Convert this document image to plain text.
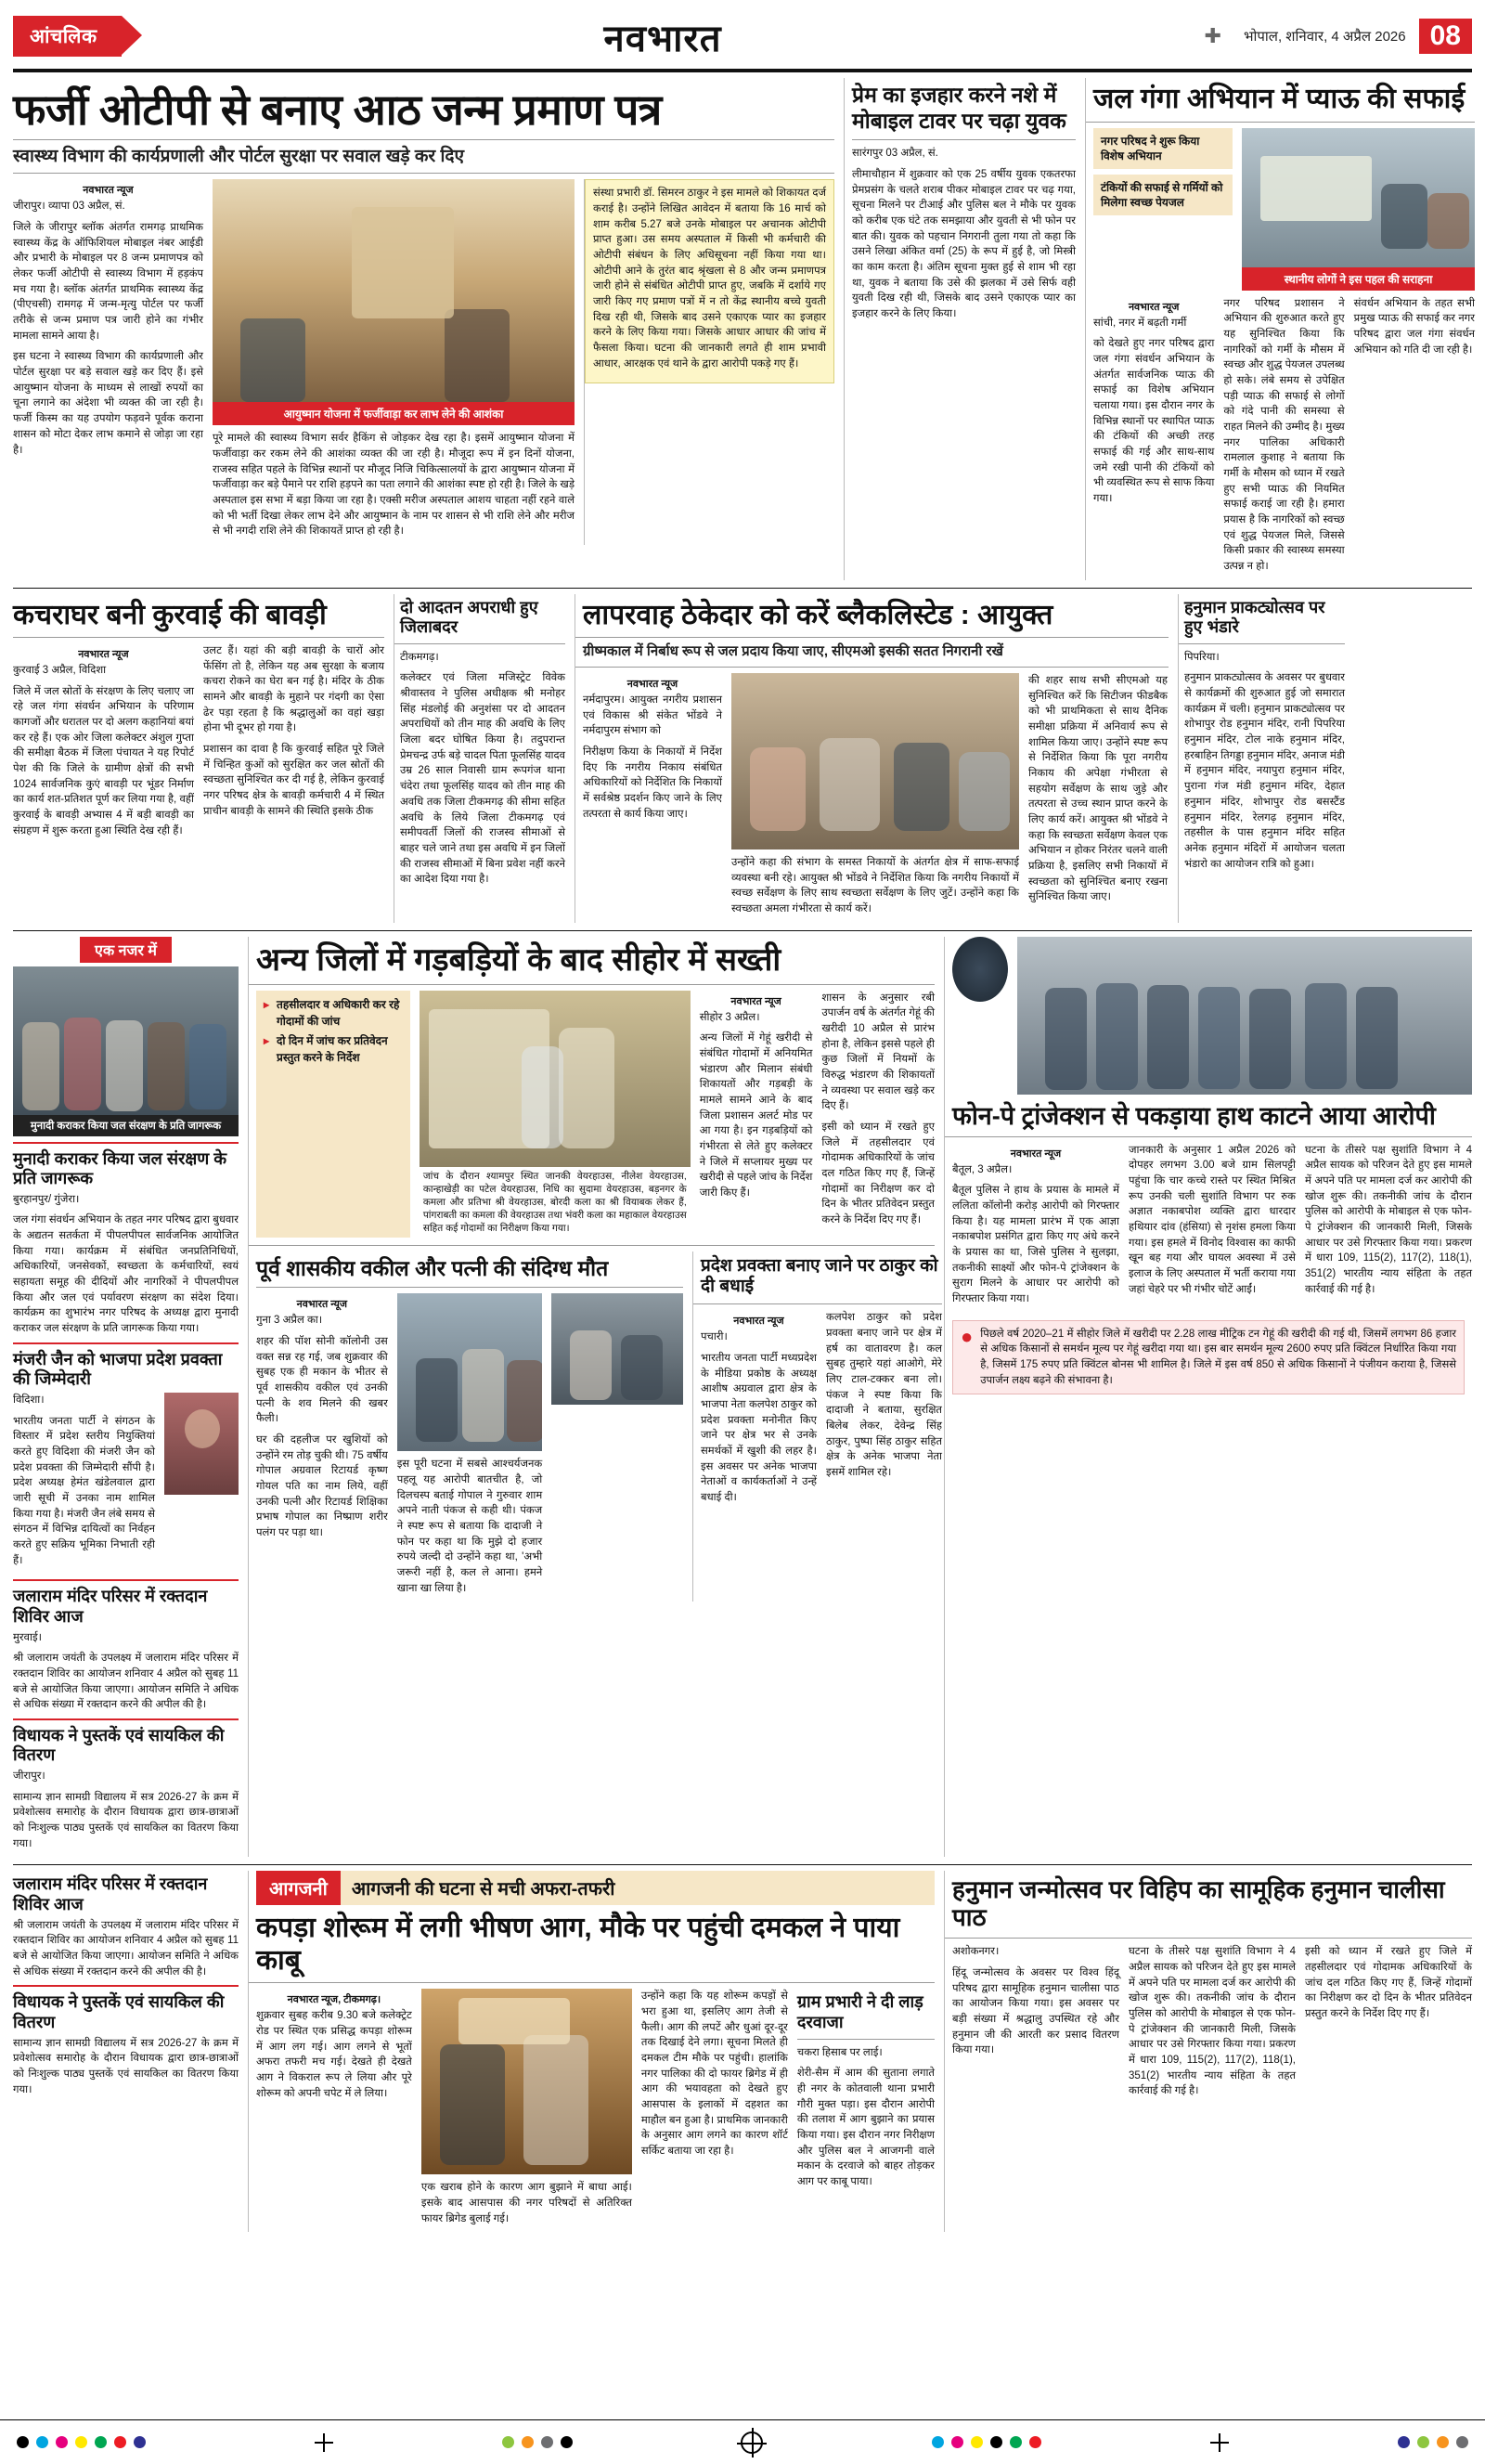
आंचलिक	नवभारत	✚ भोपाल, शनिवार, 4 अप्रैल 2026 08
फर्जी ओटीपी से बनाए आठ जन्म प्रमाण पत्र
स्वास्थ्य विभाग की कार्यप्रणाली और पोर्टल सुरक्षा पर सवाल खड़े कर दिए
नवभारत न्यूज

जीरापुर। व्यापा 03 अप्रैल, सं.

जिले के जीरापुर ब्लॉक अंतर्गत रामगढ़ प्राथमिक स्वास्थ्य केंद्र के ऑफिशियल मोबाइल नंबर आईडी और प्रभारी के मोबाइल पर 8 जन्म प्रमाणपत्र को लेकर फर्जी ओटीपी से स्वास्थ्य विभाग में हड़कंप मच गया है। ब्लॉक अंतर्गत प्राथमिक स्वास्थ्य केंद्र (पीएचसी) रामगढ़ में जन्म-मृत्यु पोर्टल पर फर्जी तरीके से जन्म प्रमाण पत्र जारी होने का गंभीर मामला सामने आया है।

इस घटना ने स्वास्थ्य विभाग की कार्यप्रणाली और पोर्टल सुरक्षा पर बड़े सवाल खड़े कर दिए हैं। इसे आयुष्मान योजना के माध्यम से लाखों रुपयों का चूना लगाने का अंदेशा भी व्यक्त की जा रही है। फर्जी किस्म का यह उपयोग फड़वने पूर्वक कराना शासन को मोटा देकर लाभ कमाने से जोड़ा जा रहा है।

आयुष्मान योजना में फर्जीवाड़ा कर लाभ लेने की आशंका

पूरे मामले की स्वास्थ्य विभाग सर्वर हैकिंग से जोड़कर देख रहा है। इसमें आयुष्मान योजना में फर्जीवाड़ा कर रकम लेने की आशंका व्यक्त की जा रही है। मौजूदा रूप में इन दिनों योजना, राजस्व सहित पहले के विभिन्न स्थानों पर मौजूद निजि चिकित्सालयों के द्वारा आयुष्मान योजना में फर्जीवाड़ा कर बड़े पैमाने पर राशि हड़पने का पता लगाने की आशंका स्पष्ट हो रही है। जिले के खड़े अस्पताल इस सभा में बड़ा किया जा रहा है। एक्सी मरीज अस्पताल आशय चाहता नहीं रहने वाले को भी भर्ती दिखा लेकर लाभ देने और आयुष्मान के नाम पर शासन से भी राशि लेने और मरीज से भी नगदी राशि लेने की शिकायतें प्राप्त हो रही है।

संस्था प्रभारी डॉ. सिमरन ठाकुर ने इस मामले को शिकायत दर्ज कराई है। उन्होंने लिखित आवेदन में बताया कि 16 मार्च को शाम करीब 5.27 बजे उनके मोबाइल पर अचानक ओटीपी प्राप्त हुआ। उस समय अस्पताल में किसी भी कर्मचारी की ओटीपी संबंधन के लिए अधिसूचना नहीं किया गया था। ओटीपी आने के तुरंत बाद श्रृंखला से 8 और जन्म प्रमाणपत्र जारी होने से संबंधित ओटीपी प्राप्त हुए, जबकि में दर्शाये गए जारी किए गए प्रमाण पत्रों में न तो केंद्र स्थानीय बच्चे युवती दिख रही थी, जिसके बाद उसने एकाएक प्यार का इजहार करने के लिए किया गया। जिसके आधार आधार की जांच में फैसला किया। घटना की जानकारी लगते ही शाम प्रभावी आधार, आरक्षक एवं थाने के द्वारा आरोपी पकड़े गए हैं।

प्रेम का इजहार करने नशे में मोबाइल टावर पर चढ़ा युवक

सारंगपुर 03 अप्रैल, सं.

लीमाचौहान में शुक्रवार को एक 25 वर्षीय युवक एकतरफा प्रेमप्रसंग के चलते शराब पीकर मोबाइल टावर पर चढ़ गया, सूचना मिलने पर टीआई और पुलिस बल ने मौके पर युवक को करीब एक घंटे तक समझाया और युवती से भी फोन पर बात की। युवक को पहचान निगरानी तुला गया तो कहा कि उसने लिखा अंकित वर्मा (25) के रूप में हुई है, जो मिस्त्री का काम करता है। अंतिम सूचना मुक्त हुई से शाम भी रहा था, युवक ने बताया कि उसे की झलका में उसे सिर्फ वही युवती दिख रही थी, जिसके बाद उसने एकाएक प्यार का इजहार करने के लिए किया।

जल गंगा अभियान में प्याऊ की सफाई
नगर परिषद ने शुरू किया विशेष अभियान
टंकियों की सफाई से गर्मियों को मिलेगा स्वच्छ पेयजल
स्थानीय लोगों ने इस पहल की सराहना
नवभारत न्यूज

सांची, नगर में बढ़ती गर्मी

को देखते हुए नगर परिषद द्वारा जल गंगा संवर्धन अभियान के अंतर्गत सार्वजनिक प्याऊ की सफाई का विशेष अभियान चलाया गया। इस दौरान नगर के विभिन्न स्थानों पर स्थापित प्याऊ की टंकियों की अच्छी तरह सफाई की गई और साथ-साथ जमे रखी पानी की टंकियों को भी व्यवस्थित रूप से साफ किया गया।

नगर परिषद प्रशासन ने अभियान की शुरुआत करते हुए यह सुनिश्चित किया कि नागरिकों को गर्मी के मौसम में स्वच्छ और शुद्ध पेयजल उपलब्ध हो सके। लंबे समय से उपेक्षित पड़ी प्याऊ की सफाई से लोगों को गंदे पानी की समस्या से राहत मिलने की उम्मीद है। मुख्य नगर पालिका अधिकारी रामलाल कुशाह ने बताया कि गर्मी के मौसम को ध्यान में रखते हुए सभी प्याऊ की नियमित सफाई कराई जा रही है। हमारा प्रयास है कि नागरिकों को स्वच्छ एवं शुद्ध पेयजल मिले, जिससे किसी प्रकार की स्वास्थ्य समस्या उत्पन्न न हो।

संवर्धन अभियान के तहत सभी प्रमुख प्याऊ की सफाई कर नगर परिषद द्वारा जल गंगा संवर्धन अभियान को गति दी जा रही है।

कचराघर बनी कुरवाई की बावड़ी
नवभारत न्यूज

कुरवाई 3 अप्रैल, विदिशा

जिले में जल स्रोतों के संरक्षण के लिए चलाए जा रहे जल गंगा संवर्धन अभियान के परिणाम कागजों और धरातल पर दो अलग कहानियां बयां कर रहे हैं। एक ओर जिला कलेक्टर अंशुल गुप्ता की समीक्षा बैठक में जिला पंचायत ने यह रिपोर्ट पेश की कि जिले के ग्रामीण क्षेत्रों की सभी 1024 सार्वजनिक कुएं बावड़ी पर भूंडर निर्माण का कार्य शत-प्रतिशत पूर्ण कर लिया गया है, वहीं कुरवाई के बावड़ी अभ्यास 4 में बड़ी बावड़ी का संग्रहण में शुरू करता हुआ स्थिति देख रही हैं।

उलट हैं। यहां की बड़ी बावड़ी के चारों ओर फेंसिंग तो है, लेकिन यह अब सुरक्षा के बजाय कचरा रोकने का घेरा बन गई है। मंदिर के ठीक सामने और बावड़ी के मुहाने पर गंदगी का ऐसा ढेर पड़ा रहता है कि श्रद्धालुओं का वहां खड़ा होना भी दूभर हो गया है।

प्रशासन का दावा है कि कुरवाई सहित पूरे जिले में चिन्हित कुओं को सुरक्षित कर जल स्रोतों की स्वच्छता सुनिश्चित कर दी गई है, लेकिन कुरवाई नगर परिषद क्षेत्र के बावड़ी कर्मचारी 4 में स्थित प्राचीन बावड़ी के सामने की स्थिति इसके ठीक

दो आदतन अपराधी हुए जिलाबदर

टीकमगढ़।

कलेक्टर एवं जिला मजिस्ट्रेट विवेक श्रीवास्तव ने पुलिस अधीक्षक श्री मनोहर सिंह मंडलोई की अनुशंसा पर दो आदतन अपराधियों को तीन माह की अवधि के लिए जिला बदर घोषित किया है। तदुपरान्त प्रेमचन्द्र उर्फ बड़े चादल पिता फूलसिंह यादव उम्र 26 साल निवासी ग्राम रूपगंज थाना चंदेरा तथा फूलसिंह यादव को तीन माह की अवधि तक जिला टीकमगढ़ की सीमा सहित अवधि के लिये जिला टीकमगढ़ एवं समीपवर्ती जिलों की राजस्व सीमाओं से बाहर चले जाने तथा इस अवधि में इन जिलों की राजस्व सीमाओं में बिना प्रवेश नहीं करने का आदेश दिया गया है।

लापरवाह ठेकेदार को करें ब्लैकलिस्टेड : आयुक्त
ग्रीष्मकाल में निर्बाध रूप से जल प्रदाय किया जाए, सीएमओ इसकी सतत निगरानी रखें
नवभारत न्यूज

नर्मदापुरम। आयुक्त नगरीय प्रशासन एवं विकास श्री संकेत भोंडवे ने नर्मदापुरम संभाग को

निरीक्षण किया के निकायों में निर्देश दिए कि नगरीय निकाय संबंधित अधिकारियों को निर्देशित कि निकायों में सर्वश्रेष्ठ प्रदर्शन किए जाने के लिए तत्परता से कार्य किया जाए।

उन्होंने कहा की संभाग के समस्त निकायों के अंतर्गत क्षेत्र में साफ-सफाई व्यवस्था बनी रहे। आयुक्त श्री भोंडवे ने निर्देशित किया कि नगरीय निकायों में स्वच्छ सर्वेक्षण के लिए साथ स्वच्छता सर्वेक्षण के लिए जुटें। उन्होंने कहा कि स्वच्छता अमला गंभीरता से कार्य करें।

की शहर साथ सभी सीएमओ यह सुनिश्चित करें कि सिटीजन फीडबैक को भी प्राथमिकता से साथ दैनिक समीक्षा प्रक्रिया में अनिवार्य रूप से शामिल किया जाए। उन्होंने स्पष्ट रूप से निर्देशित किया कि पूरा नगरीय निकाय की अपेक्षा गंभीरता से सहयोग सर्वेक्षण के साथ जुड़े और तत्परता से उच्च स्थान प्राप्त करने के लिए कार्य करें। आयुक्त श्री भोंडवे ने कहा कि स्वच्छता सर्वेक्षण केवल एक अभियान न होकर निरंतर चलने वाली प्रक्रिया है, इसलिए सभी निकायों में स्वच्छता को सुनिश्चित बनाए रखना सुनिश्चित किया जाए।

हनुमान प्राकट्योत्सव पर हुए भंडारे

पिपरिया।

हनुमान प्राकट्योत्सव के अवसर पर बुधवार से कार्यक्रमों की शुरुआत हुई जो समारात कार्यक्रम में चली। हनुमान प्राकट्योत्सव पर शोभापुर रोड हनुमान मंदिर, रानी पिपरिया हनुमान मंदिर, टोल नाके हनुमान मंदिर, हरबाहिन तिगड्डा हनुमान मंदिर, अनाज मंडी में हनुमान मंदिर, नयापुरा हनुमान मंदिर, पुराना गंज मंडी हनुमान मंदिर, देहात हनुमान मंदिर, शोभापुर रोड बसस्टैंड हनुमान मंदिर, रेलगढ़ हनुमान मंदिर, तहसील के पास हनुमान मंदिर सहित अनेक हनुमान मंदिरों में आयोजन चलता भंडारो का आयोजन रात्रि को हुआ।

एक नजर में
मुनादी कराकर किया जल संरक्षण के प्रति जागरूक
मुनादी कराकर किया जल संरक्षण के प्रति जागरूक

बुरहानपुर/ गुंजेरा।

जल गंगा संवर्धन अभियान के तहत नगर परिषद द्वारा बुधवार के अद्यतन सतर्कता में पीपलपीपल सार्वजनिक आयोजित किया गया। कार्यक्रम में संबंधित जनप्रतिनिधियों, अधिकारियों, जनसेवकों, स्वच्छता के कर्मचारियों, स्वयं सहायता समूह की दीदियों और नागरिकों ने पीपलपीपल किया और जल एवं पर्यावरण संरक्षण का संदेश दिया। कार्यक्रम का शुभारंभ नगर परिषद के अध्यक्ष द्वारा मुनादी कराकर जल संरक्षण के प्रति जागरूक किया गया।

मंजरी जैन को भाजपा प्रदेश प्रवक्ता की जिम्मेदारी

विदिशा।

भारतीय जनता पार्टी ने संगठन के विस्तार में प्रदेश स्तरीय नियुक्तियां करते हुए विदिशा की मंजरी जैन को प्रदेश प्रवक्ता की जिम्मेदारी सौंपी है। प्रदेश अध्यक्ष हेमंत खंडेलवाल द्वारा जारी सूची में उनका नाम शामिल किया गया है। मंजरी जैन लंबे समय से संगठन में विभिन्न दायित्वों का निर्वहन करते हुए सक्रिय भूमिका निभाती रही हैं।

जलाराम मंदिर परिसर में रक्तदान शिविर आज

मुरवाई।

श्री जलाराम जयंती के उपलक्ष्य में जलाराम मंदिर परिसर में रक्तदान शिविर का आयोजन शनिवार 4 अप्रैल को सुबह 11 बजे से आयोजित किया जाएगा। आयोजन समिति ने अधिक से अधिक संख्या में रक्तदान करने की अपील की है।

विधायक ने पुस्तकें एवं सायकिल की वितरण

जीरापुर।

सामान्य ज्ञान सामग्री विद्यालय में सत्र 2026-27 के क्रम में प्रवेशोत्सव समारोह के दौरान विधायक द्वारा छात्र-छात्राओं को निःशुल्क पाठ्य पुस्तकें एवं सायकिल का वितरण किया गया।

अन्य जिलों में गड़बड़ियों के बाद सीहोर में सख्ती
▸ तहसीलदार व अधिकारी कर रहे गोदामों की जांच
▸ दो दिन में जांच कर प्रतिवेदन प्रस्तुत करने के निर्देश
जांच के दौरान श्यामपुर स्थित जानकी वेयरहाउस, नीलेश वेयरहाउस, कान्हाखेड़ी का पटेल वेयरहाउस, निधि का सुदामा वेयरहाउस, बड़नगर के कमला और प्रतिभा श्री वेयरहाउस, बोरदी कला का श्री वियाबक लेकर हैं, पांगराबती का कमला की वेयरहाउस तथा भंवरी कला का महाकाल वेयरहाउस सहित कई गोदामों का निरीक्षण किया गया।
नवभारत न्यूज

सीहोर 3 अप्रैल।

अन्य जिलों में गेहूं खरीदी से संबंधित गोदामों में अनियमित भंडारण और मिलान संबंधी शिकायतों और गड़बड़ी के मामले सामने आने के बाद जिला प्रशासन अलर्ट मोड पर आ गया है। इन गड़बड़ियों को गंभीरता से लेते हुए कलेक्टर ने जिले में सप्लायर मुख्य पर खरीदी से पहले जांच के निर्देश जारी किए हैं।

शासन के अनुसार रबी उपार्जन वर्ष के अंतर्गत गेहूं की खरीदी 10 अप्रैल से प्रारंभ होना है, लेकिन इससे पहले ही कुछ जिलों में नियमों के विरुद्ध भंडारण की शिकायतों ने व्यवस्था पर सवाल खड़े कर दिए हैं।

इसी को ध्यान में रखते हुए जिले में तहसीलदार एवं गोदामक अधिकारियों के जांच दल गठित किए गए हैं, जिन्हें गोदामों का निरीक्षण कर दो दिन के भीतर प्रतिवेदन प्रस्तुत करने के निर्देश दिए गए हैं।

पूर्व शासकीय वकील और पत्नी की संदिग्ध मौत
नवभारत न्यूज

गुना 3 अप्रैल का।

शहर की पॉश सोनी कॉलोनी उस वक्त सन्न रह गई, जब शुक्रवार की सुबह एक ही मकान के भीतर से पूर्व शासकीय वकील एवं उनकी पत्नी के शव मिलने की खबर फैली।

घर की दहलीज पर खुशियों को उन्होंने रम तोड़ चुकी थी। 75 वर्षीय गोपाल अग्रवाल रिटायर्ड कृष्ण गोयल पति का नाम लिये, वहीं उनकी पत्नी और रिटायर्ड शिक्षिका प्रभाष गोपाल का निष्प्राण शरीर पलंग पर पड़ा था।

इस पूरी घटना में सबसे आश्चर्यजनक पहलू यह आरोपी बातचीत है, जो दिलचस्प बताई गोपाल ने गुरुवार शाम अपने नाती पंकज से कही थी। पंकज ने स्पष्ट रूप से बताया कि दादाजी ने फोन पर कहा था कि मुझे दो हजार रुपये जल्दी दो उन्होंने कहा था, 'अभी जरूरी नहीं है, कल ले आना। हमने खाना खा लिया है।

प्रदेश प्रवक्ता बनाए जाने पर ठाकुर को दी बधाई
नवभारत न्यूज

पचारी।

भारतीय जनता पार्टी मध्यप्रदेश के मीडिया प्रकोष्ठ के अध्यक्ष आशीष अग्रवाल द्वारा क्षेत्र के भाजपा नेता कलपेश ठाकुर को प्रदेश प्रवक्ता मनोनीत किए जाने पर क्षेत्र भर से उनके समर्थकों में खुशी की लहर है। इस अवसर पर अनेक भाजपा नेताओं व कार्यकर्ताओं ने उन्हें बधाई दी।

कलपेश ठाकुर को प्रदेश प्रवक्ता बनाए जाने पर क्षेत्र में हर्ष का वातावरण है। कल सुबह तुम्हारे यहां आओगे, मेरे लिए टाल-टक्कर बना लो। पंकज ने स्पष्ट किया कि दादाजी ने बताया, सुरक्षित बिलेब लेकर, देवेन्द्र सिंह ठाकुर, पुष्पा सिंह ठाकुर सहित क्षेत्र के अनेक भाजपा नेता इसमें शामिल रहे।

फोन-पे ट्रांजेक्शन से पकड़ाया हाथ काटने आया आरोपी
नवभारत न्यूज

बैतूल, 3 अप्रैल।

बैतूल पुलिस ने हाथ के प्रयास के मामले में ललिता कॉलोनी करोड़ आरोपी को गिरफ्तार किया है। यह मामला प्रारंभ में एक आज्ञा नकाबपोश प्रसंगित द्वारा किए गए अंधे करने के प्रयास का था, जिसे पुलिस ने सुलझा, तकनीकी साक्ष्यों और फोन-पे ट्रांजेक्शन के सुराग मिलने के आधार पर आरोपी को गिरफ्तार किया गया।

जानकारी के अनुसार 1 अप्रैल 2026 को दोपहर लगभग 3.00 बजे ग्राम सिलपट्टी पहुंचा कि चार कच्चे रास्ते पर स्थित मिश्रित रूप उनकी चली सुशांति विभाग पर रुक अज्ञात नकाबपोश व्यक्ति द्वारा धारदार हथियार दांव (हंसिया) से नृशंस हमला किया गया। इस हमले में विनोद विश्वास का काफी खून बह गया और घायल अवस्था में उसे इलाज के लिए अस्पताल में भर्ती कराया गया जहां चेहरे पर भी गंभीर चोटें आईं।

घटना के तीसरे पक्ष सुशांति विभाग ने 4 अप्रैल सायक को परिजन देते हुए इस मामले में अपने पति पर मामला दर्ज कर आरोपी की खोज शुरू की। तकनीकी जांच के दौरान पुलिस को आरोपी के मोबाइल से एक फोन-पे ट्रांजेक्शन की जानकारी मिली, जिसके आधार पर उसे गिरफ्तार किया गया। प्रकरण में धारा 109, 115(2), 117(2), 118(1), 351(2) भारतीय न्याय संहिता के तहत कार्रवाई की गई है।

● पिछले वर्ष 2020–21 में सीहोर जिले में खरीदी पर 2.28 लाख मीट्रिक टन गेहूं की खरीदी की गई थी, जिसमें लगभग 86 हजार से अधिक किसानों से समर्थन मूल्य पर गेहूं खरीदा गया था। इस बार समर्थन मूल्य 2600 रुपए प्रति क्विंटल निर्धारित किया गया है, जिसमें 175 रुपए प्रति क्विंटल बोनस भी शामिल है। जिले में इस वर्ष 850 से अधिक किसानों ने पंजीयन कराया है, जिससे उपार्जन लक्ष्य बढ़ने की संभावना है।

जलाराम मंदिर परिसर में रक्तदान शिविर आज

श्री जलाराम जयंती के उपलक्ष्य में जलाराम मंदिर परिसर में रक्तदान शिविर का आयोजन शनिवार 4 अप्रैल को सुबह 11 बजे से आयोजित किया जाएगा। आयोजन समिति ने अधिक से अधिक संख्या में रक्तदान करने की अपील की है।

विधायक ने पुस्तकें एवं सायकिल की वितरण

सामान्य ज्ञान सामग्री विद्यालय में सत्र 2026-27 के क्रम में प्रवेशोत्सव समारोह के दौरान विधायक द्वारा छात्र-छात्राओं को निःशुल्क पाठ्य पुस्तकें एवं सायकिल का वितरण किया गया।

आगजनी	आगजनी की घटना से मची अफरा-तफरी
कपड़ा शोरूम में लगी भीषण आग, मौके पर पहुंची दमकल ने पाया काबू
नवभारत न्यूज, टीकमगढ़।

शुक्रवार सुबह करीब 9.30 बजे कलेक्ट्रेट रोड पर स्थित एक प्रसिद्ध कपड़ा शोरूम में आग लग गई। आग लगने से भूतों अफरा तफरी मच गई। देखते ही देखते आग ने विकराल रूप ले लिया और पूरे शोरूम को अपनी चपेट में ले लिया।

एक खराब होने के कारण आग बुझाने में बाधा आई। इसके बाद आसपास की नगर परिषदों से अतिरिक्त फायर ब्रिगेड बुलाई गई।

उन्होंने कहा कि यह शोरूम कपड़ों से भरा हुआ था, इसलिए आग तेजी से फैली। आग की लपटें और धुआं दूर-दूर तक दिखाई देने लगा। सूचना मिलते ही दमकल टीम मौके पर पहुंची। हालांकि नगर पालिका की दो फायर ब्रिगेड में ही आग की भयावहता को देखते हुए आसपास के इलाकों में दहशत का माहौल बन हुआ है। प्राथमिक जानकारी के अनुसार आग लगने का कारण शॉर्ट सर्किट बताया जा रहा है।

ग्राम प्रभारी ने दी लाड़ दरवाजा

चकरा हिसाब पर लाई।

शेरी-सैम में आम की सुताना लगाते ही नगर के कोतवाली थाना प्रभारी गौरी मुक्त पड़ा। इस दौरान आरोपी की तलाश में आग बुझाने का प्रयास किया गया। इस दौरान नगर निरीक्षण और पुलिस बल ने आजगनी वाले मकान के दरवाजे को बाहर तोड़कर आग पर काबू पाया।

हनुमान जन्मोत्सव पर विहिप का सामूहिक हनुमान चालीसा पाठ

अशोकनगर।

हिंदू जन्मोत्सव के अवसर पर विश्व हिंदू परिषद द्वारा सामूहिक हनुमान चालीसा पाठ का आयोजन किया गया। इस अवसर पर बड़ी संख्या में श्रद्धालु उपस्थित रहे और हनुमान जी की आरती कर प्रसाद वितरण किया गया।

घटना के तीसरे पक्ष सुशांति विभाग ने 4 अप्रैल सायक को परिजन देते हुए इस मामले में अपने पति पर मामला दर्ज कर आरोपी की खोज शुरू की। तकनीकी जांच के दौरान पुलिस को आरोपी के मोबाइल से एक फोन-पे ट्रांजेक्शन की जानकारी मिली, जिसके आधार पर उसे गिरफ्तार किया गया। प्रकरण में धारा 109, 115(2), 117(2), 118(1), 351(2) भारतीय न्याय संहिता के तहत कार्रवाई की गई है।

इसी को ध्यान में रखते हुए जिले में तहसीलदार एवं गोदामक अधिकारियों के जांच दल गठित किए गए हैं, जिन्हें गोदामों का निरीक्षण कर दो दिन के भीतर प्रतिवेदन प्रस्तुत करने के निर्देश दिए गए हैं।
